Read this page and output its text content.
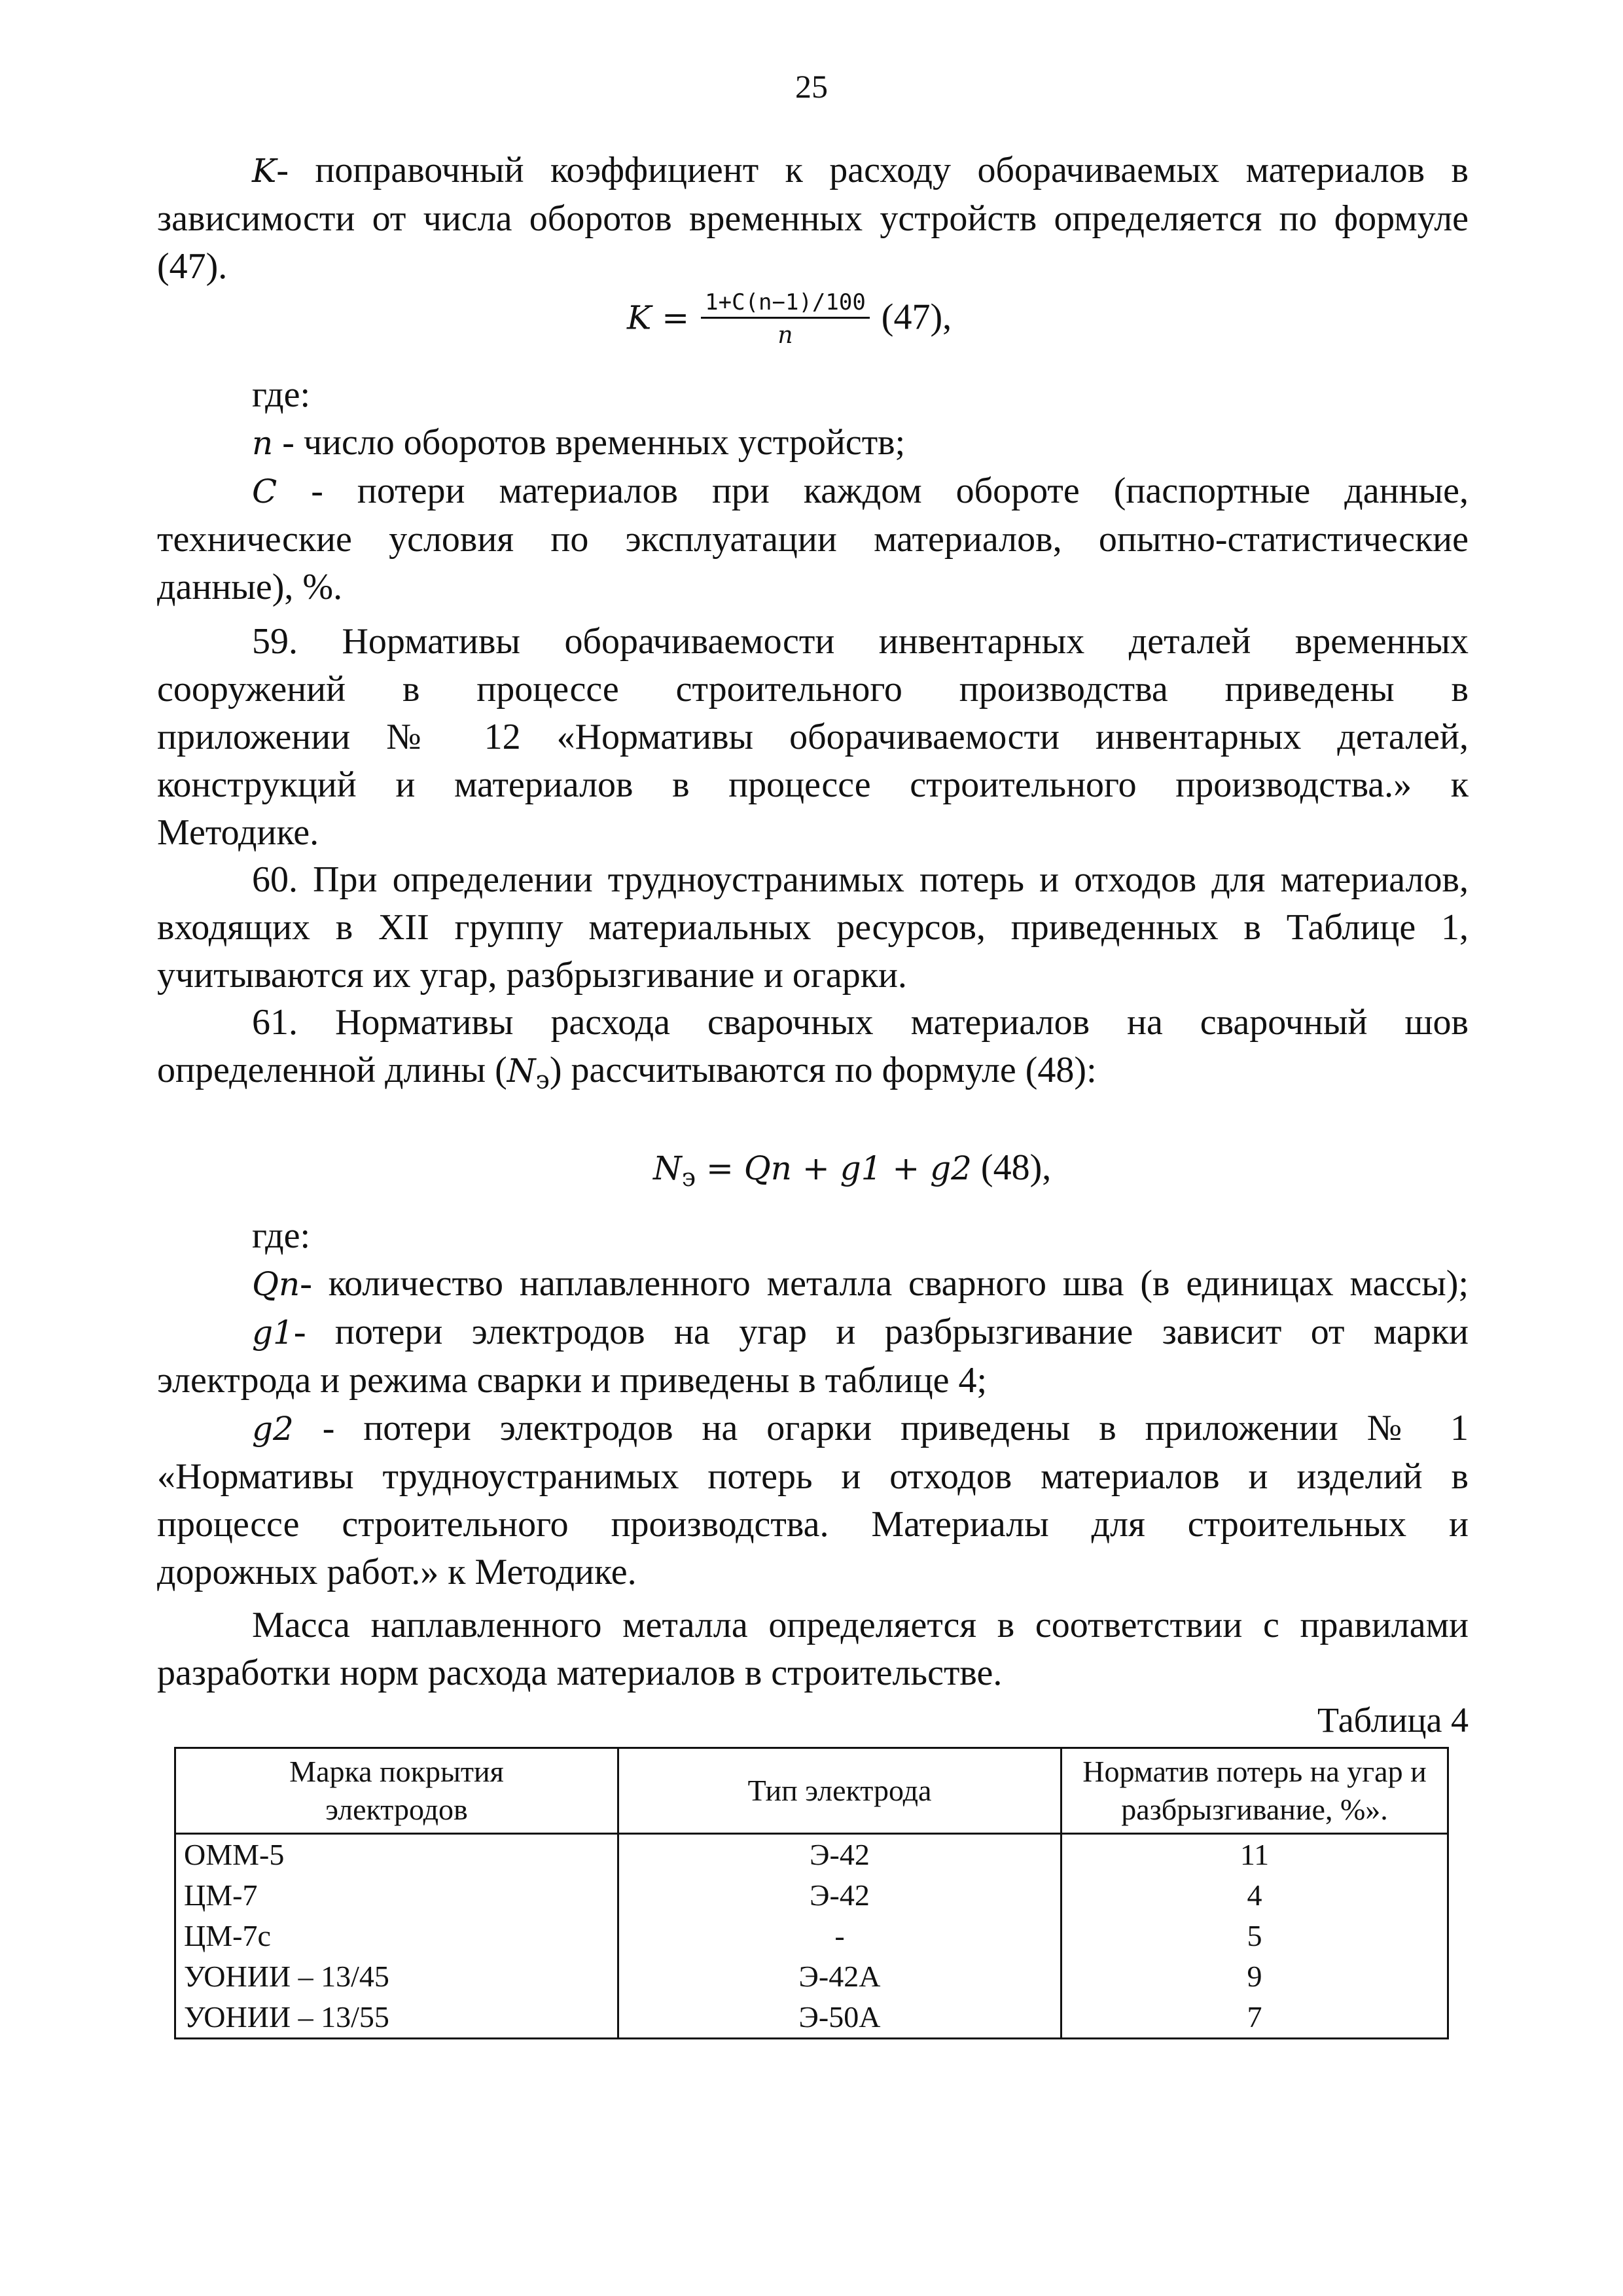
25
K- поправочный коэффициент к расходу оборачиваемых материалов в
зависимости от числа оборотов временных устройств определяется по формуле
(47).
$K = \frac{1+C(n-1)/100}{n} (47)$,
где:
n - число оборотов временных устройств;
C - потери материалов при каждом обороте (паспортные данные,
технические условия по эксплуатации материалов, опытно-статистические
данные), %.
59. Нормативы оборачиваемости инвентарных деталей временных
сооружений в процессе строительного производства приведены в
приложении № 12 «Нормативы оборачиваемости инвентарных деталей,
конструкций и материалов в процессе строительного производства.» к
Методике.
60. При определении трудноустранимых потерь и отходов для материалов,
входящих в XII группу материальных ресурсов, приведенных в Таблице 1,
учитываются их угар, разбрызгивание и огарки.
61. Нормативы расхода сварочных материалов на сварочный шов
определенной длины $(N_э)$ рассчитываются по формуле (48):
$N_э = Qn + g1 + g2$ (48),
где:
Qn- количество наплавленного металла сварного шва (в единицах массы);
g1- потери электродов на угар и разбрызгивание зависит от марки
электрода и режима сварки и приведены в таблице 4;
g2 - потери электродов на огарки приведены в приложении № 1
«Нормативы трудноустранимых потерь и отходов материалов и изделий в
процессе строительного производства. Материалы для строительных и
дорожных работ.» к Методике.
Масса наплавленного металла определяется в соответствии с правилами
разработки норм расхода материалов в строительстве.
Таблица 4
Марка покрытия
электродов	Тип электрода	Норматив потерь на угар и
разбрызгивание, %».

ОММ-5	Э-42	11
ЦМ-7	Э-42	4
ЦМ-7с	-	5
УОНИИ – 13/45	Э-42А	9
УОНИИ – 13/55	Э-50А	7
